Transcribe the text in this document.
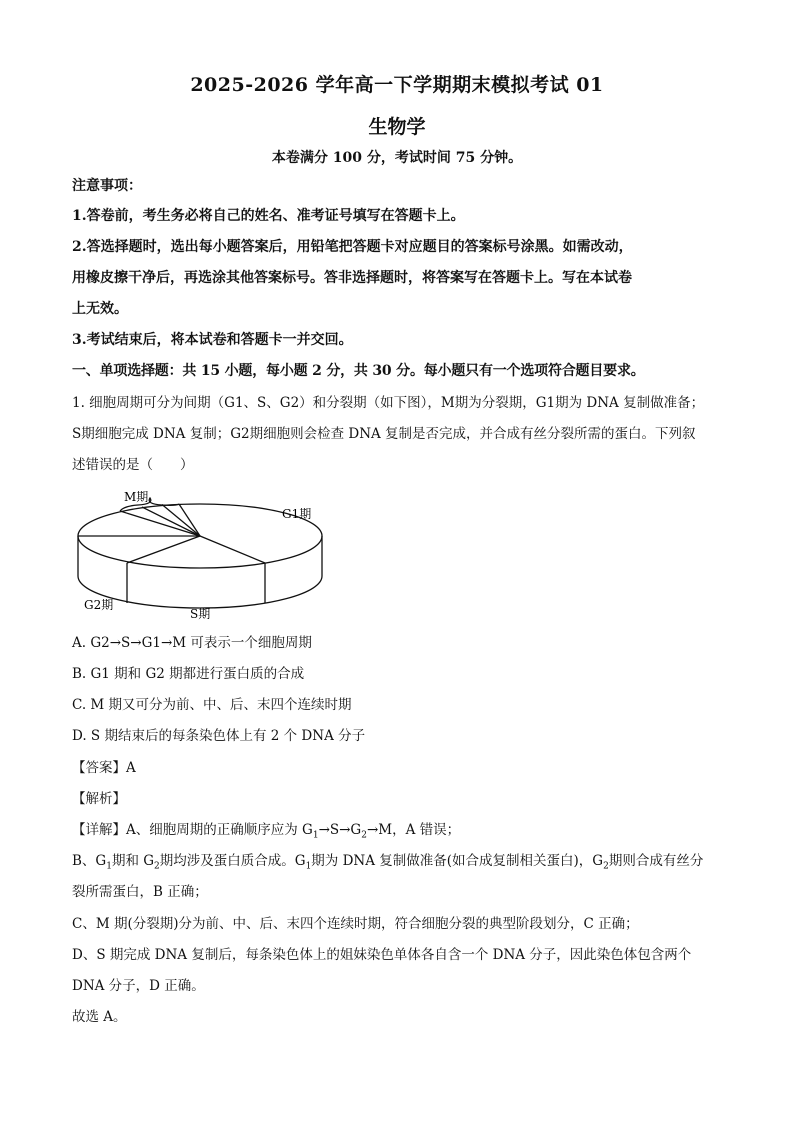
2025-2026 学年高一下学期期末模拟考试 01
生物学
本卷满分 100 分，考试时间 75 分钟。
注意事项：
1.答卷前，考生务必将自己的姓名、准考证号填写在答题卡上。
2.答选择题时，选出每小题答案后，用铅笔把答题卡对应题目的答案标号涂黑。如需改动，
用橡皮擦干净后，再选涂其他答案标号。答非选择题时，将答案写在答题卡上。写在本试卷
上无效。
3.考试结束后，将本试卷和答题卡一并交回。
一、单项选择题：共 15 小题，每小题 2 分，共 30 分。每小题只有一个选项符合题目要求。
1. 细胞周期可分为间期（G1、S、G2）和分裂期（如下图），M期为分裂期，G1期为 DNA 复制做准备；
S期细胞完成 DNA 复制；G2期细胞则会检查 DNA 复制是否完成，并合成有丝分裂所需的蛋白。下列叙
述错误的是（　　）
M期
G1期
G2期
S期
A. G2→S→G1→M 可表示一个细胞周期
B. G1 期和 G2 期都进行蛋白质的合成
C. M 期又可分为前、中、后、末四个连续时期
D. S 期结束后的每条染色体上有 2 个 DNA 分子
【答案】A
【解析】
【详解】A、细胞周期的正确顺序应为 $G_1\to S\to G_2\to M$，A 错误；
B、$G_1$期和 $G_2$期均涉及蛋白质合成。$G_1$期为 DNA 复制做准备(如合成复制相关蛋白)，$G_2$期则合成有丝分
裂所需蛋白，B 正确；
C、M 期(分裂期)分为前、中、后、末四个连续时期，符合细胞分裂的典型阶段划分，C 正确；
D、S 期完成 DNA 复制后，每条染色体上的姐妹染色单体各自含一个 DNA 分子，因此染色体包含两个
DNA 分子，D 正确。
故选 A。
